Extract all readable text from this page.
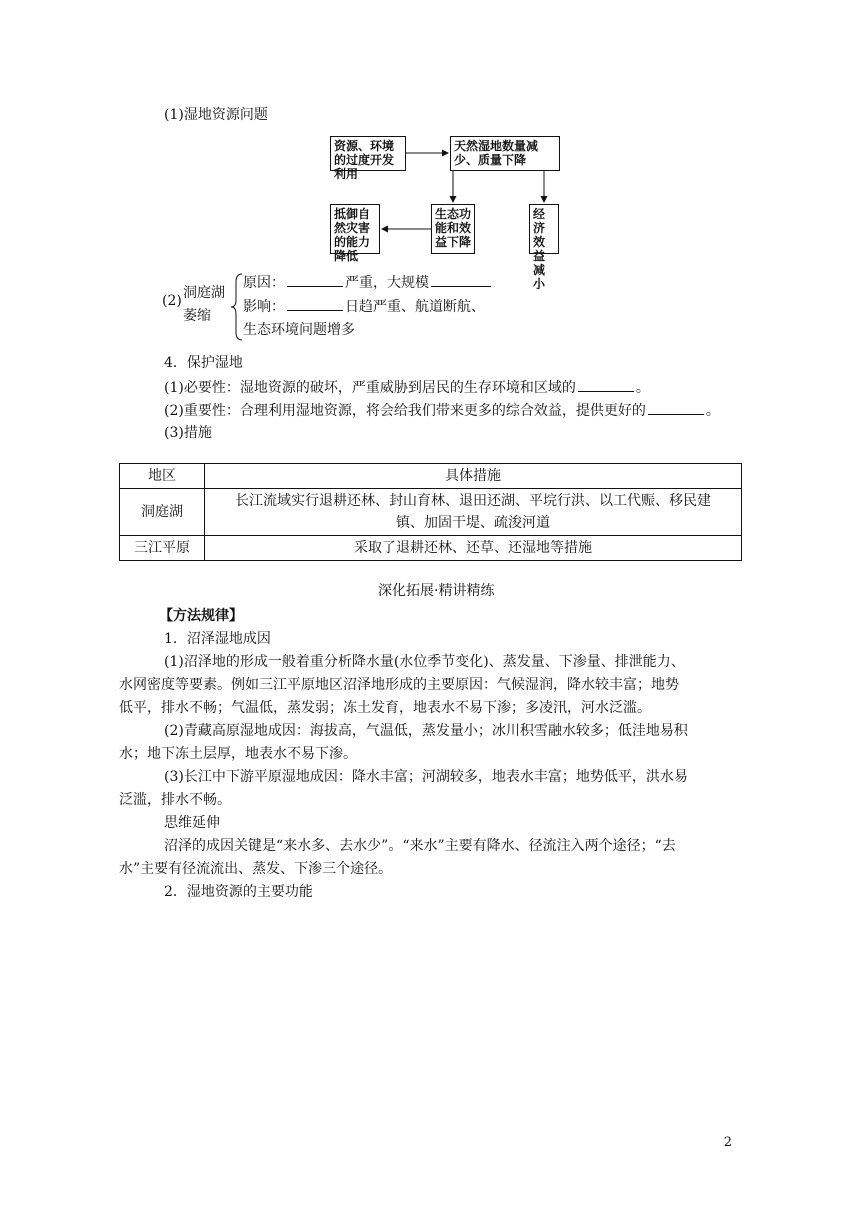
(1)湿地资源问题
资源、环境的过度开发利用
天然湿地数量减少、质量下降
抵御自然灾害的能力降低
生态功能和效益下降
经济效益减小
(2) 洞庭湖
萎缩
原因：	严重，大规模
影响：	日趋严重、航道断航、
生态环境问题增多
4．保护湿地
(1)必要性：湿地资源的破坏，严重威胁到居民的生存环境和区域的	。
(2)重要性：合理利用湿地资源，将会给我们带来更多的综合效益，提供更好的	。
(3)措施
地区	具体措施
洞庭湖	长江流域实行退耕还林、封山育林、退田还湖、平垸行洪、以工代赈、移民建
镇、加固干堤、疏浚河道

三江平原	采取了退耕还林、还草、还湿地等措施
深化拓展·精讲精练
【方法规律】
1．沼泽湿地成因
(1)沼泽地的形成一般着重分析降水量(水位季节变化)、蒸发量、下渗量、排泄能力、
水网密度等要素。例如三江平原地区沼泽地形成的主要原因：气候湿润，降水较丰富；地势
低平，排水不畅；气温低，蒸发弱；冻土发育，地表水不易下渗；多凌汛，河水泛滥。
(2)青藏高原湿地成因：海拔高，气温低，蒸发量小；冰川积雪融水较多；低洼地易积
水；地下冻土层厚，地表水不易下渗。
(3)长江中下游平原湿地成因：降水丰富；河湖较多，地表水丰富；地势低平，洪水易
泛滥，排水不畅。
思维延伸
沼泽的成因关键是“来水多、去水少”。“来水”主要有降水、径流注入两个途径；“去
水”主要有径流流出、蒸发、下渗三个途径。
2．湿地资源的主要功能
2
